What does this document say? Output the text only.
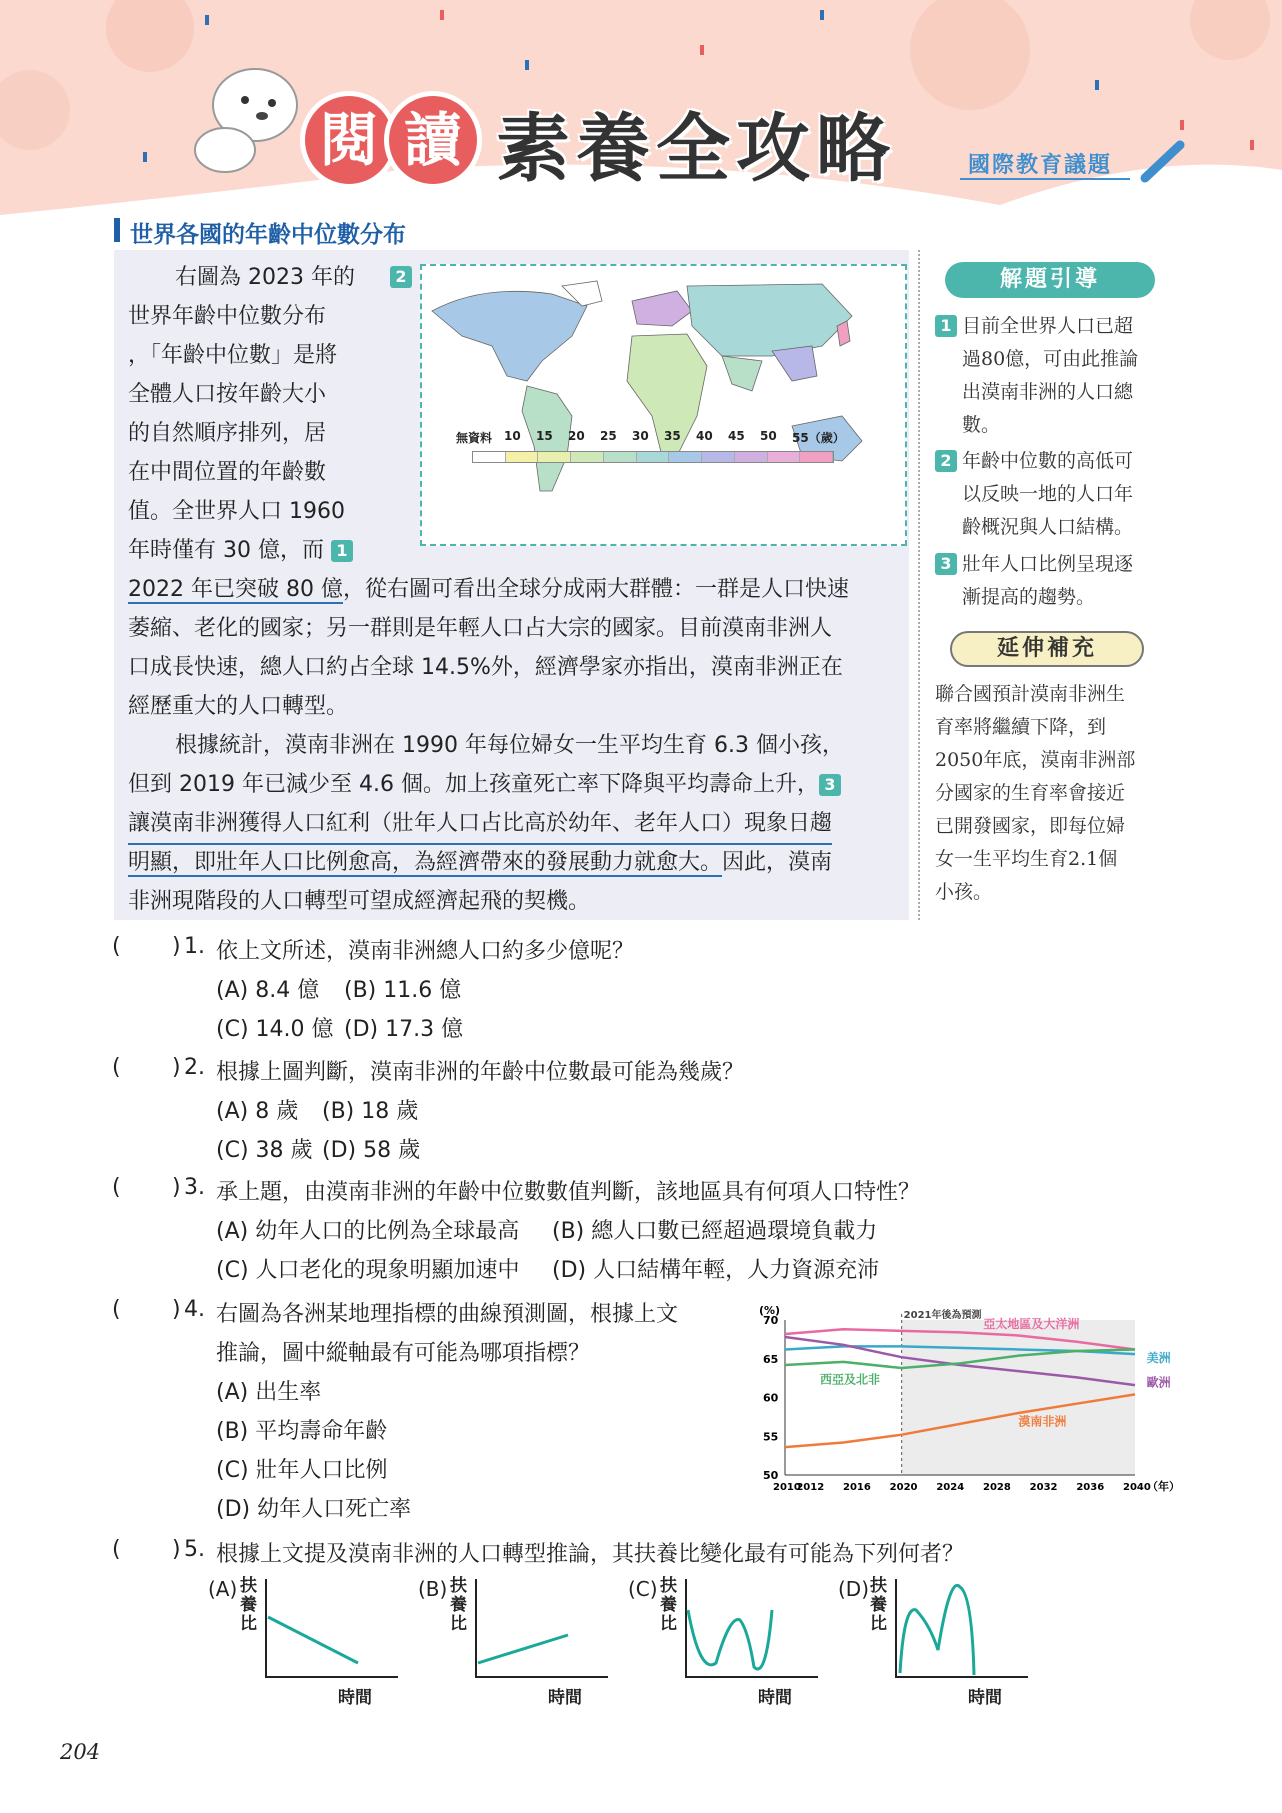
閱 讀 素養全攻略	國際教育議題
世界各國的年齡中位數分布
右圖為 2023 年的
世界年齡中位數分布
，「年齡中位數」是將
全體人口按年齡大小
的自然順序排列，居
在中間位置的年齡數
值。全世界人口 1960
年時僅有 30 億，而 1
2022 年已突破 80 億，從右圖可看出全球分成兩大群體：一群是人口快速
萎縮、老化的國家；另一群則是年輕人口占大宗的國家。目前漠南非洲人
口成長快速，總人口約占全球 14.5%外，經濟學家亦指出，漠南非洲正在
經歷重大的人口轉型。
根據統計，漠南非洲在 1990 年每位婦女一生平均生育 6.3 個小孩，
但到 2019 年已減少至 4.6 個。加上孩童死亡率下降與平均壽命上升， 3
讓漠南非洲獲得人口紅利（壯年人口占比高於幼年、老年人口）現象日趨
明顯，即壯年人口比例愈高，為經濟帶來的發展動力就愈大。因此，漠南
非洲現階段的人口轉型可望成經濟起飛的契機。
2
無資料 10 15 20 25 30 35 40 45 50 55（歲）
解題引導
1 目前全世界人口已超
過80億，可由此推論
出漠南非洲的人口總
數。
2 年齡中位數的高低可
以反映一地的人口年
齡概況與人口結構。
3 壯年人口比例呈現逐
漸提高的趨勢。
延伸補充
聯合國預計漠南非洲生
育率將繼續下降，到
2050年底，漠南非洲部
分國家的生育率會接近
已開發國家，即每位婦
女一生平均生育2.1個
小孩。
( ) 1. 依上文所述，漠南非洲總人口約多少億呢？
(A) 8.4 億 (B) 11.6 億
(C) 14.0 億 (D) 17.3 億
( ) 2. 根據上圖判斷，漠南非洲的年齡中位數最可能為幾歲？
(A) 8 歲 (B) 18 歲
(C) 38 歲 (D) 58 歲
( ) 3. 承上題，由漠南非洲的年齡中位數數值判斷，該地區具有何項人口特性？
(A) 幼年人口的比例為全球最高 (B) 總人口數已經超過環境負載力
(C) 人口老化的現象明顯加速中 (D) 人口結構年輕，人力資源充沛
( ) 4. 右圖為各洲某地理指標的曲線預測圖，根據上文
推論，圖中縱軸最有可能為哪項指標？
(A) 出生率
(B) 平均壽命年齡
(C) 壯年人口比例
(D) 幼年人口死亡率
2021年後為預測
(%)
50
55
60
65
70
2010
2012 2016 2020 2024 2028 2032 2036 2040
（年）
亞太地區及大洋洲
美洲
歐洲
西亞及北非
漠南非洲
( ) 5. 根據上文提及漠南非洲的人口轉型推論，其扶養比變化最有可能為下列何者？
(A) 扶養比
時間
(B) 扶養比
時間
(C) 扶養比
時間
(D) 扶養比
時間
204
